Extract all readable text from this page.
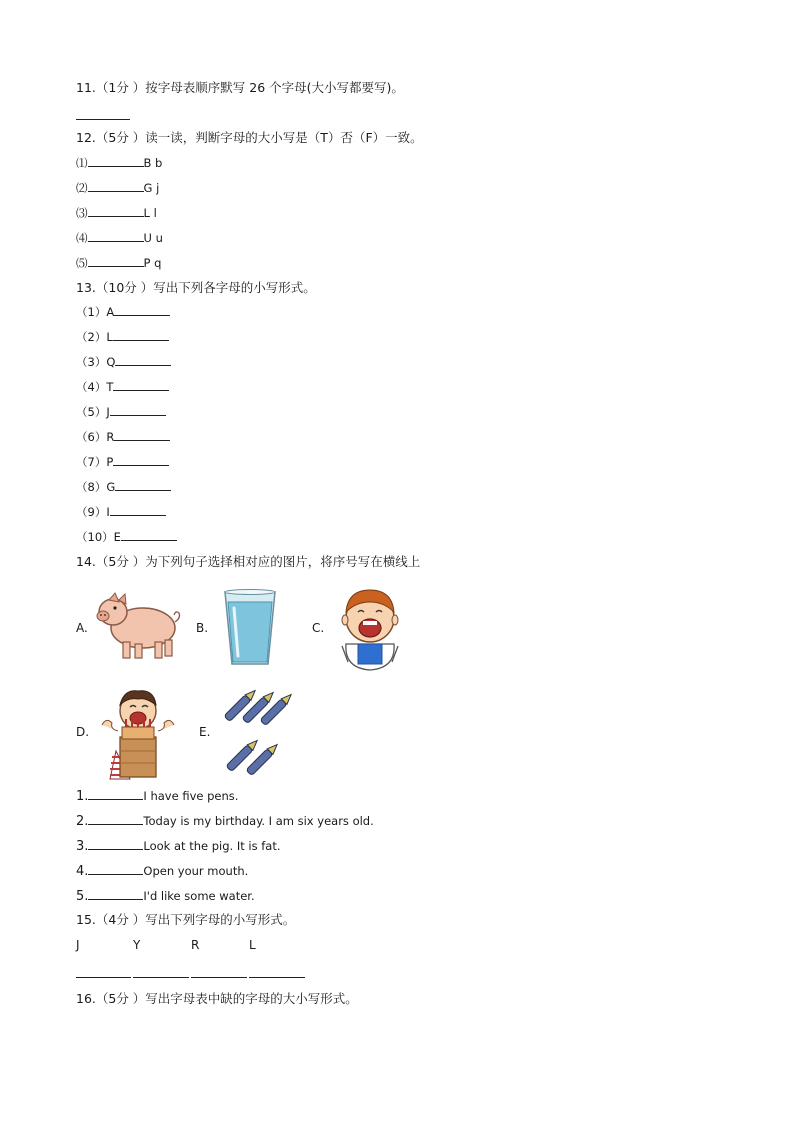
11.（1分 ）按字母表顺序默写 26 个字母(大小写都要写)。
12.（5分 ）读一读，判断字母的大小写是（T）否（F）一致。
⑴	B b
⑵	G j
⑶	L l
⑷	U u
⑸	P q
13.（10分 ）写出下列各字母的小写形式。
（1）A
（2）L
（3）Q
（4）T
（5）J
（6）R
（7）P
（8）G
（9）I
（10）E
14.（5分 ）为下列句子选择相对应的图片，将序号写在横线上
A.	B.	C.
D.	E.
1.	I have five pens.
2.	Today is my birthday. I am six years old.
3.	Look at the pig. It is fat.
4.	Open your mouth.
5.	I'd like some water.
15.（4分 ）写出下列字母的小写形式。
J	Y	R	L
16.（5分 ）写出字母表中缺的字母的大小写形式。
